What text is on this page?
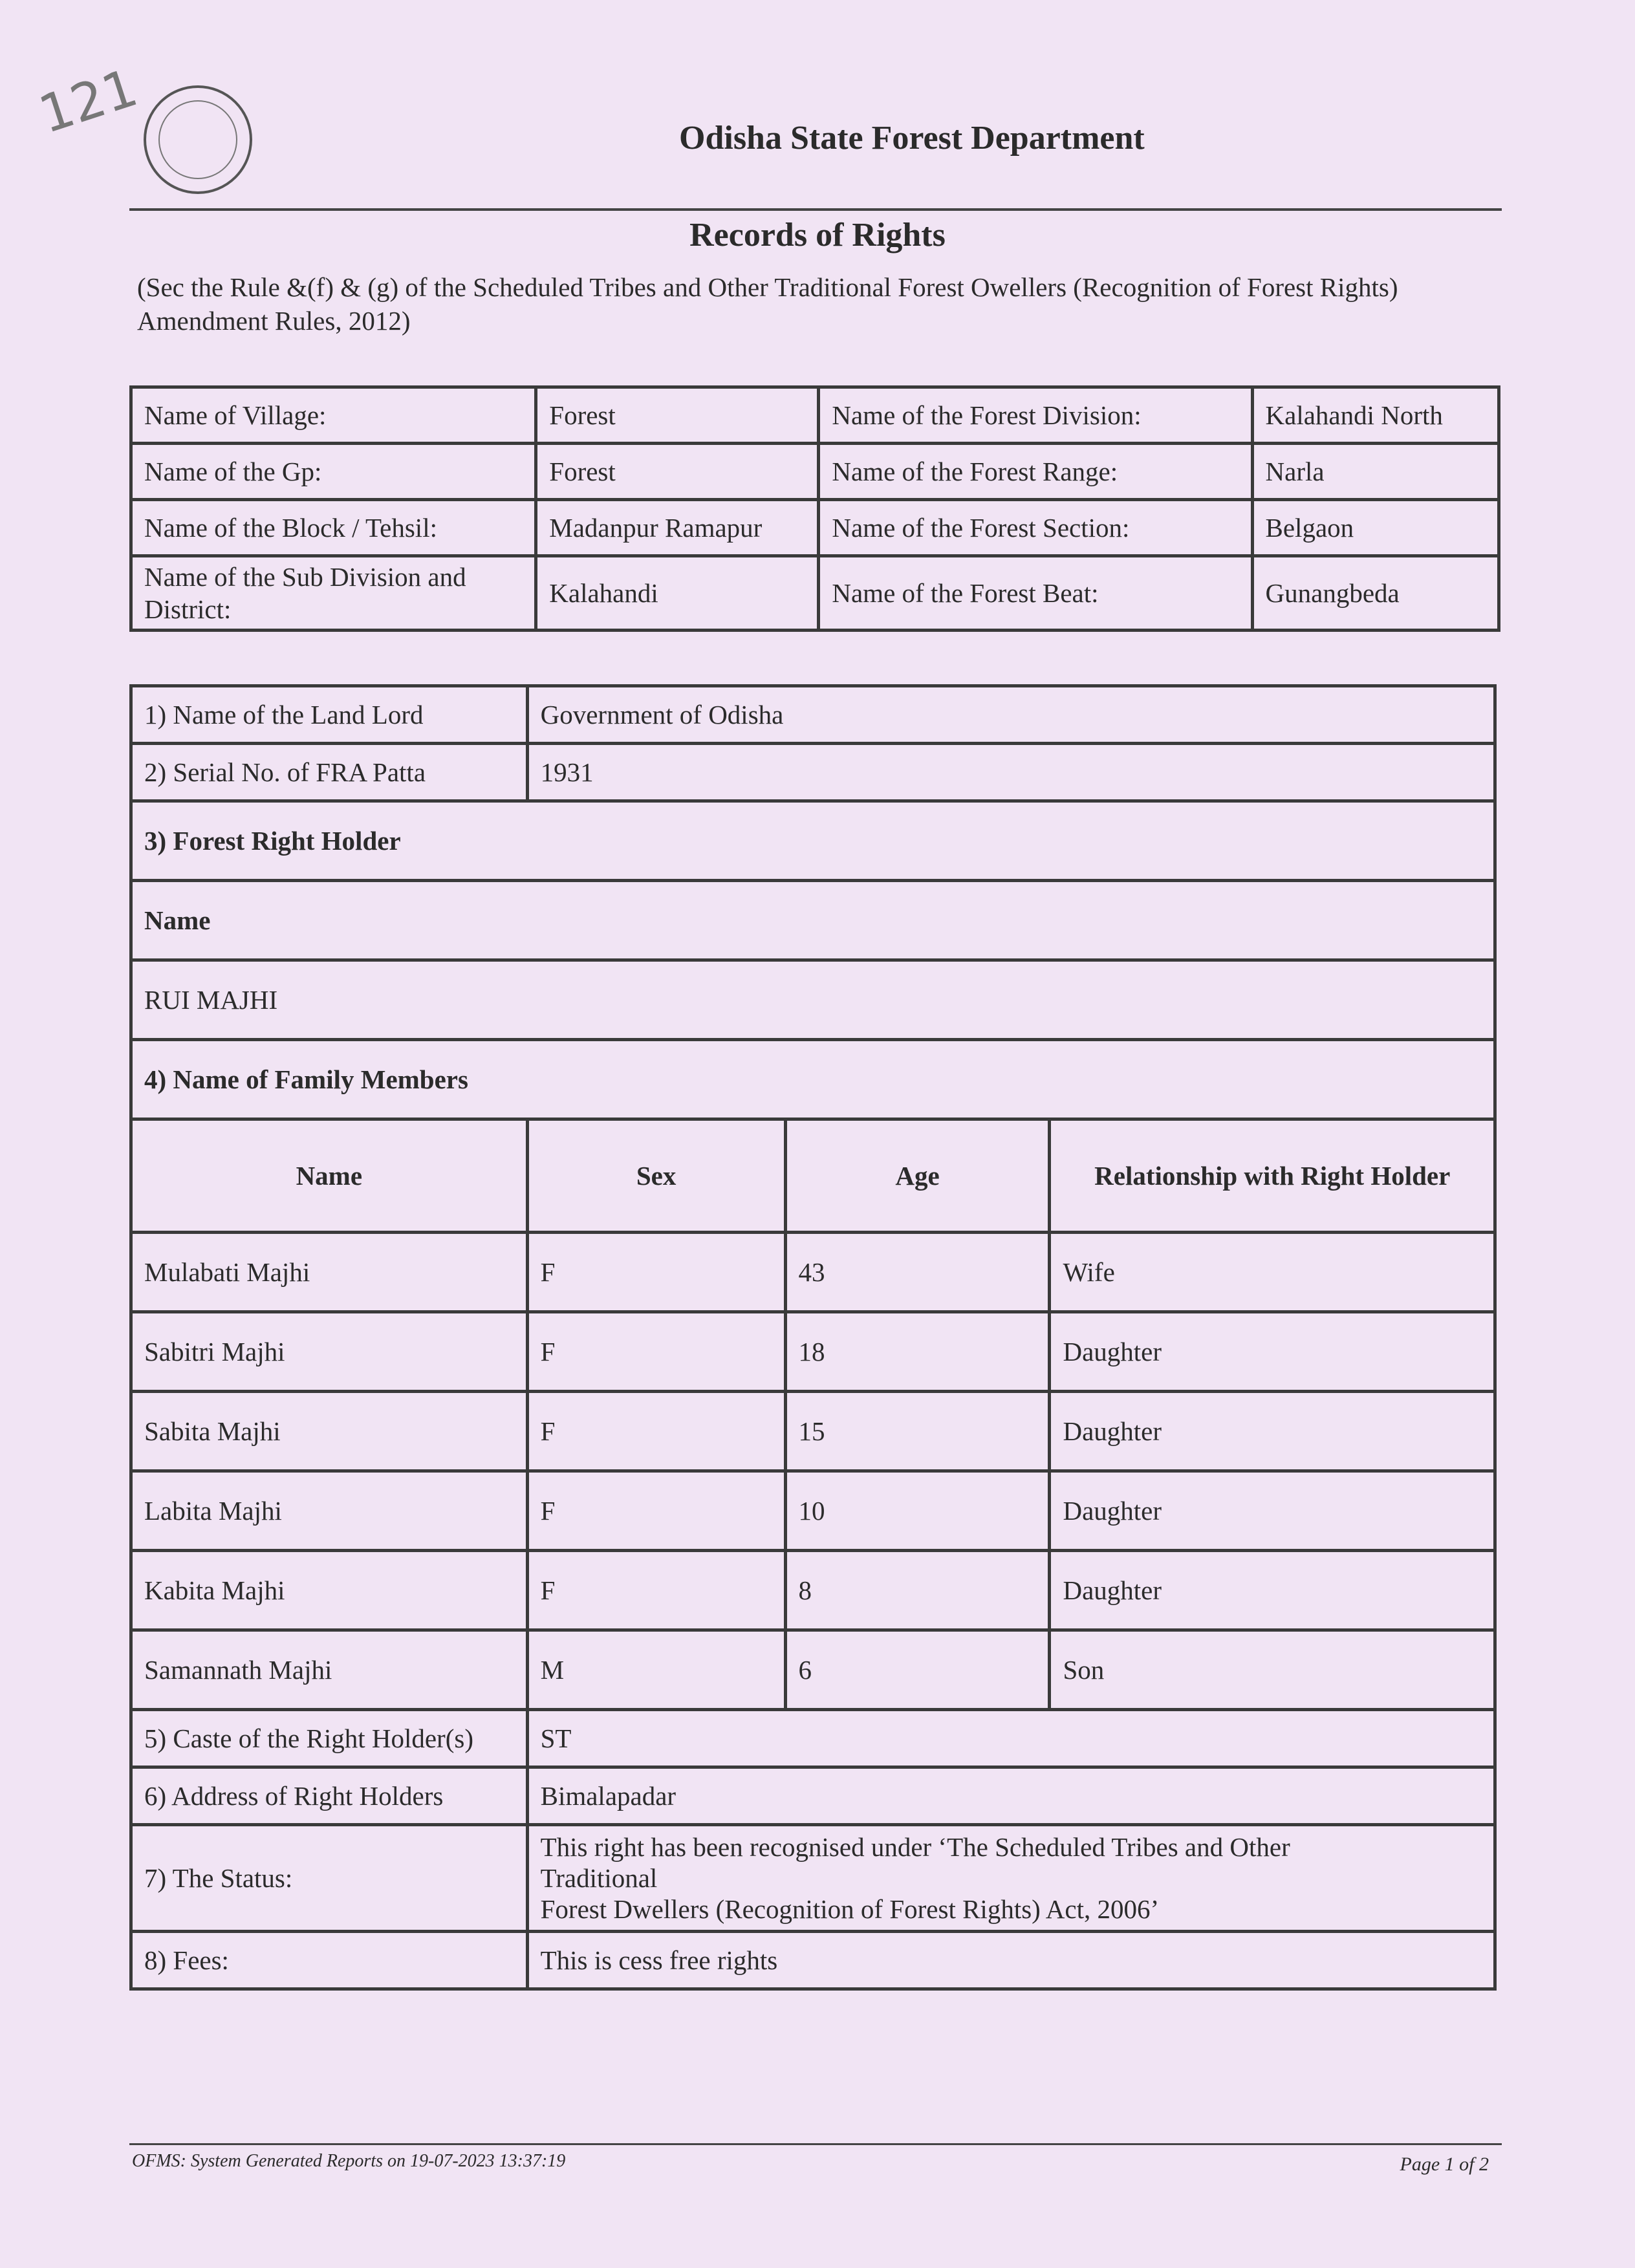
121	Odisha State Forest Department
Records of Rights
(Sec the Rule &(f) & (g) of the Scheduled Tribes and Other Traditional Forest Owellers (Recognition of Forest Rights) Amendment Rules, 2012)
Name of Village:	Forest	Name of the Forest Division:	Kalahandi North
Name of the Gp:	Forest	Name of the Forest Range:	Narla
Name of the Block / Tehsil:	Madanpur Ramapur	Name of the Forest Section:	Belgaon
Name of the Sub Division and District:	Kalahandi	Name of the Forest Beat:	Gunangbeda
1) Name of the Land Lord	Government of Odisha		
2) Serial No. of FRA Patta	1931		
3) Forest Right Holder			
Name			
RUI MAJHI			
4) Name of Family Members			
Name	Sex	Age	Relationship with Right Holder
Mulabati Majhi	F	43	Wife
Sabitri Majhi	F	18	Daughter
Sabita Majhi	F	15	Daughter
Labita Majhi	F	10	Daughter
Kabita Majhi	F	8	Daughter
Samannath Majhi	M	6	Son
5) Caste of the Right Holder(s)	ST		
6) Address of Right Holders	Bimalapadar		
7) The Status:	This right has been recognised under ‘The Scheduled Tribes and Other
Traditional
Forest Dwellers (Recognition of Forest Rights) Act, 2006’		

8) Fees:	This is cess free rights		
OFMS: System Generated Reports on 19-07-2023 13:37:19	Page 1 of 2
